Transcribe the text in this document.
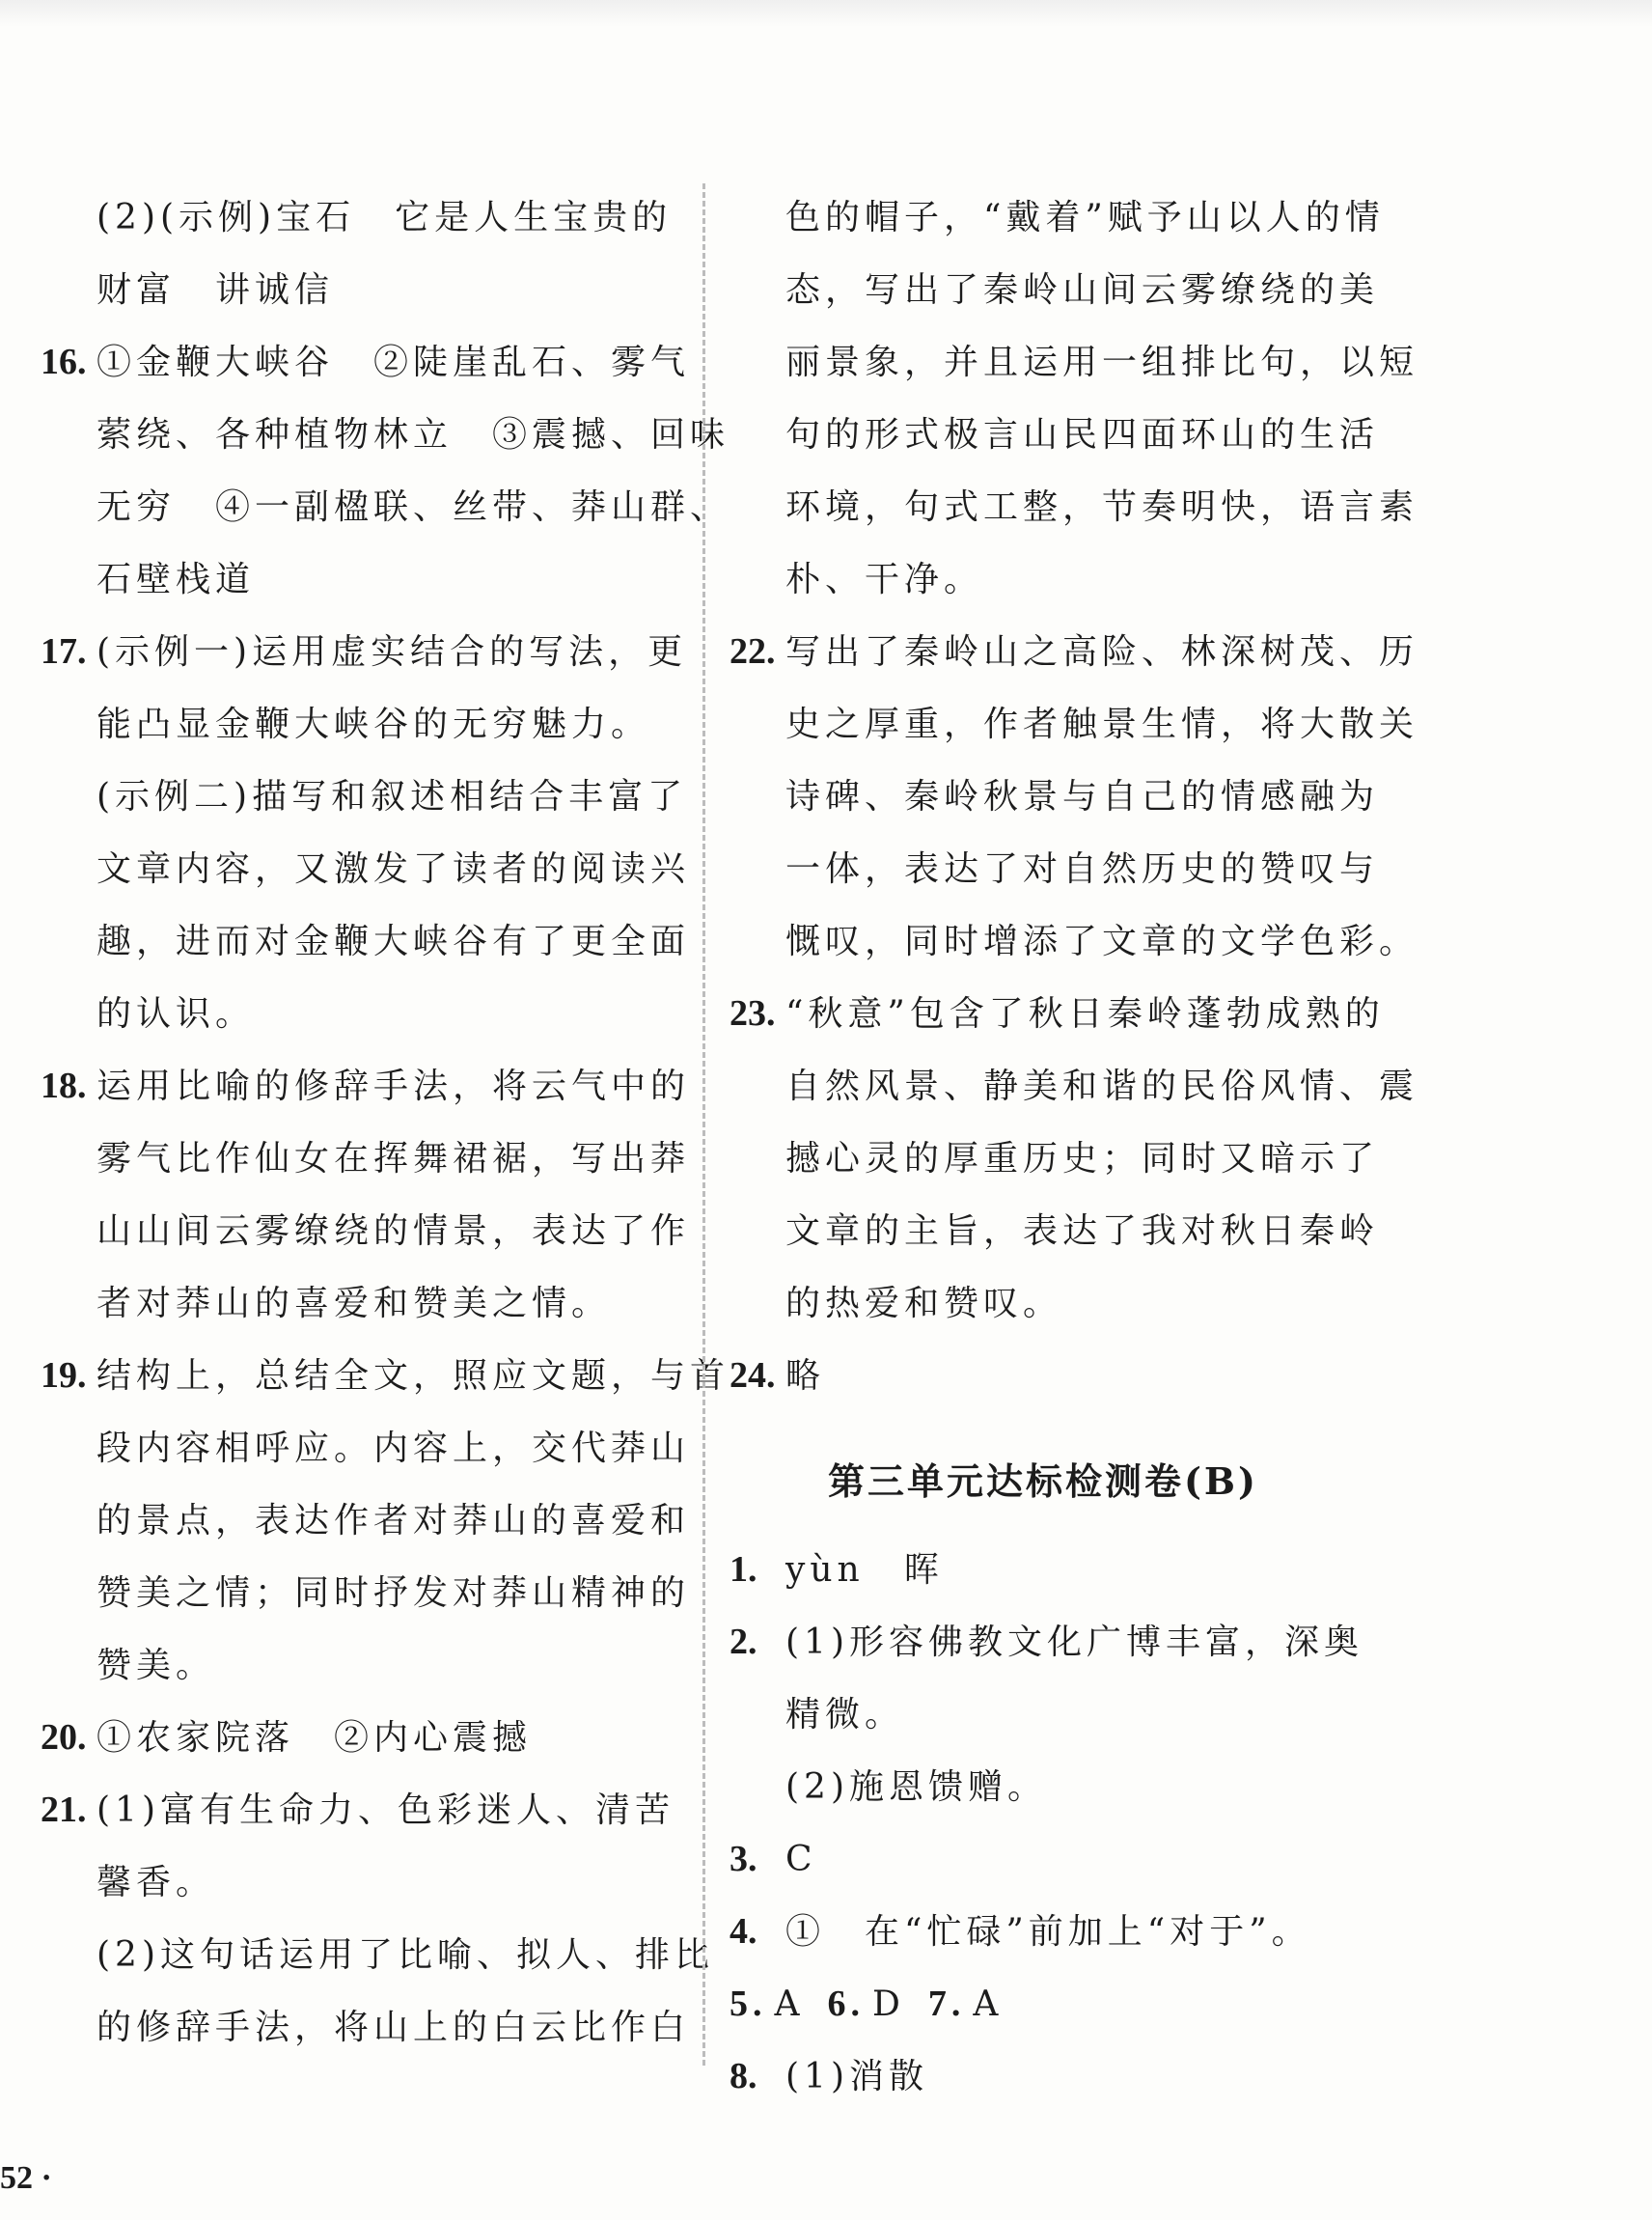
(2)(示例)宝石　它是人生宝贵的
财富　讲诚信
16. ①金鞭大峡谷　②陡崖乱石、雾气
萦绕、各种植物林立　③震撼、回味
无穷　④一副楹联、丝带、莽山群、
石壁栈道
17. (示例一)运用虚实结合的写法，更
能凸显金鞭大峡谷的无穷魅力。
(示例二)描写和叙述相结合丰富了
文章内容，又激发了读者的阅读兴
趣，进而对金鞭大峡谷有了更全面
的认识。
18. 运用比喻的修辞手法，将云气中的
雾气比作仙女在挥舞裙裾，写出莽
山山间云雾缭绕的情景，表达了作
者对莽山的喜爱和赞美之情。
19. 结构上，总结全文，照应文题，与首
段内容相呼应。内容上，交代莽山
的景点，表达作者对莽山的喜爱和
赞美之情；同时抒发对莽山精神的
赞美。
20. ①农家院落　②内心震撼
21. (1)富有生命力、色彩迷人、清苦
馨香。
(2)这句话运用了比喻、拟人、排比
的修辞手法，将山上的白云比作白
色的帽子，“戴着”赋予山以人的情
态，写出了秦岭山间云雾缭绕的美
丽景象，并且运用一组排比句，以短
句的形式极言山民四面环山的生活
环境，句式工整，节奏明快，语言素
朴、干净。
22. 写出了秦岭山之高险、林深树茂、历
史之厚重，作者触景生情，将大散关
诗碑、秦岭秋景与自己的情感融为
一体，表达了对自然历史的赞叹与
慨叹，同时增添了文章的文学色彩。
23. “秋意”包含了秋日秦岭蓬勃成熟的
自然风景、静美和谐的民俗风情、震
撼心灵的厚重历史；同时又暗示了
文章的主旨，表达了我对秋日秦岭
的热爱和赞叹。
24. 略
第三单元达标检测卷(B)
1. yùn　晖
2. (1)形容佛教文化广博丰富，深奥
精微。
(2)施恩馈赠。
3. C
4. ①　在“忙碌”前加上“对于”。
5. A 6. D 7. A
8. (1)消散
52 ·
